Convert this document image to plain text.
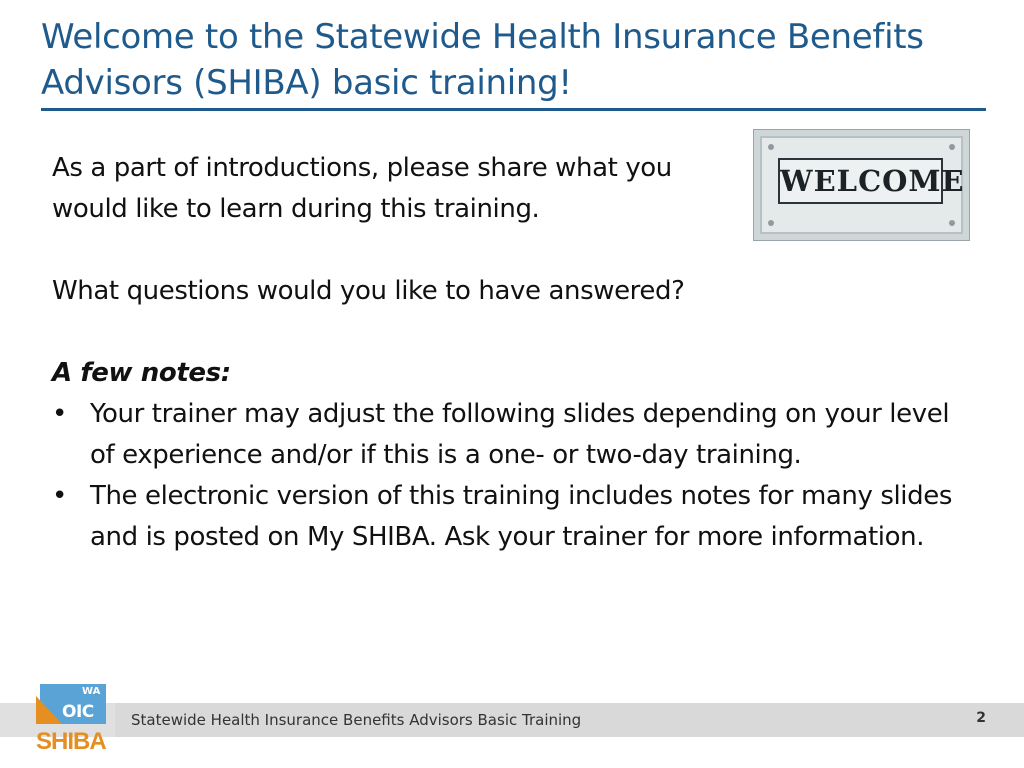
Welcome to the Statewide Health Insurance Benefits Advisors (SHIBA) basic training!

As a part of introductions, please share what you would like to learn during this training.

What questions would you like to have answered?

A few notes:

• Your trainer may adjust the following slides depending on your level of experience and/or if this is a one- or two-day training.
• The electronic version of this training includes notes for many slides and is posted on My SHIBA. Ask your trainer for more information.
WELCOME
Statewide Health Insurance Benefits Advisors Basic Training	2
WA
OIC
SHIBA
